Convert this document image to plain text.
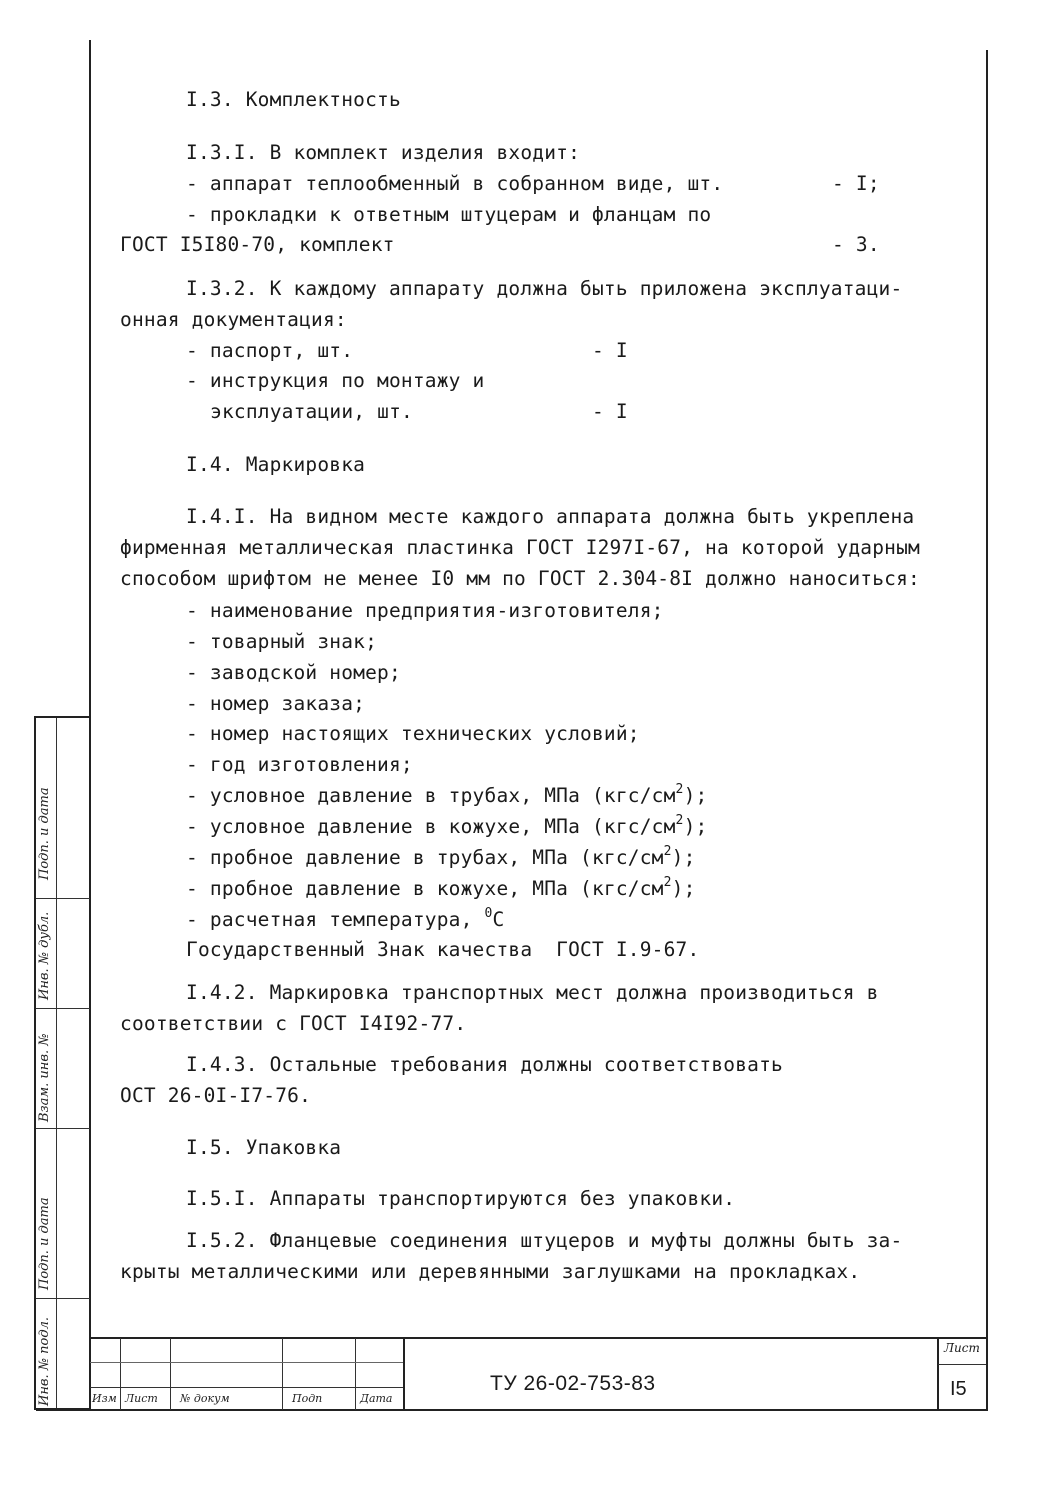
I.3. Комплектность
I.3.I. В комплект изделия входит:
- аппарат теплообменный в собранном виде, шт.	- I;
- прокладки к ответным штуцерам и фланцам по
ГОСТ I5I80-70, комплект	- 3.
I.3.2. К каждому аппарату должна быть приложена эксплуатаци-
онная документация:
- паспорт, шт.	- I
- инструкция по монтажу и
эксплуатации, шт.	- I
I.4. Маркировка
I.4.I. На видном месте каждого аппарата должна быть укреплена
фирменная металлическая пластинка ГОСТ I297I-67, на которой ударным
способом шрифтом не менее I0 мм по ГОСТ 2.304-8I должно наноситься:
- наименование предприятия-изготовителя;
- товарный знак;
- заводской номер;
- номер заказа;
- номер настоящих технических условий;
- год изготовления;
- условное давление в трубах, МПа $(кгс/см^2)$;
- условное давление в кожухе, МПа $(кгс/см^2)$;
- пробное давление в трубах, МПа $(кгс/см^2)$;
- пробное давление в кожухе, МПа $(кгс/см^2)$;
- расчетная температура, $^0$С
Государственный Знак качества  ГОСТ I.9-67.
I.4.2. Маркировка транспортных мест должна производиться в
соответствии с ГОСТ I4I92-77.
I.4.3. Остальные требования должны соответствовать
ОСТ 26-0I-I7-76.
I.5. Упаковка
I.5.I. Аппараты транспортируются без упаковки.
I.5.2. Фланцевые соединения штуцеров и муфты должны быть за-
крыты металлическими или деревянными заглушками на прокладках.
Подп. и дата
Инв. № дубл.
Взам. инв. №
Подп. и дата
Инв. № подл.	Изм Лист № докум	Подп	Дата
ТУ 26-02-753-83
Лист
I5
